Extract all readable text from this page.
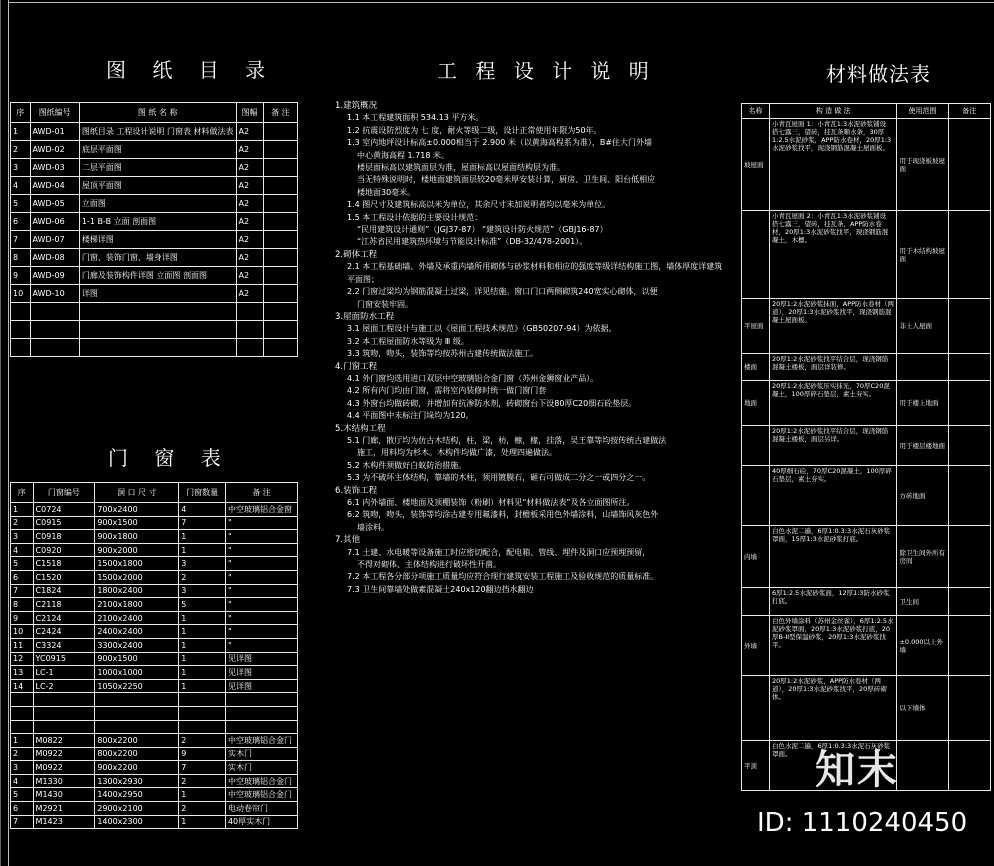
图 纸 目 录	工 程 设 计 说 明	材料做法表
门 窗 表
序	图纸编号	图 纸 名 称	图幅	备 注
1	AWD-01	图纸目录 工程设计说明 门窗表 材料做法表	A2	
2	AWD-02	底层平面图	A2	
3	AWD-03	二层平面图	A2	
4	AWD-04	屋顶平面图	A2	
5	AWD-05	立面图	A2	
6	AWD-06	1-1 B-B 立面 剖面图	A2	
7	AWD-07	楼梯详图	A2	
8	AWD-08	门窗、装饰门窗、墙身详图	A2	
9	AWD-09	门廊及装饰构件详图 立面图 剖面图	A2	
10	AWD-10	详图	A2	

序	门窗编号	洞 口 尺 寸	门窗数量	备 注
1	C0724	700x2400	4	中空玻璃铝合金窗
2	C0915	900x1500	7	"
3	C0918	900x1800	1	"
4	C0920	900x2000	1	"
5	C1518	1500x1800	3	"
6	C1520	1500x2000	2	"
7	C1824	1800x2400	3	"
8	C2118	2100x1800	5	"
9	C2124	2100x2400	1	"
10	C2424	2400x2400	1	"
11	C3324	3300x2400	1	"
12	YC0915	900x1500	1	见详图
13	LC-1	1000x1000	1	见详图
14	LC-2	1050x2250	1	见详图

1	M0822	800x2200	2	中空玻璃铝合金门
2	M0922	800x2200	9	实木门
3	M0922	900x2200	7	实木门
4	M1330	1300x2930	2	中空玻璃铝合金门
5	M1430	1400x2950	1	中空玻璃铝合金门
6	M2921	2900x2100	2	电动卷帘门
7	M1423	1400x2300	1	40厚实木门
1.建筑概况
1.1 本工程建筑面积 534.13 平方米。
1.2 抗震设防烈度为 七 度，耐火等级二级，设计正常使用年限为50年。
1.3 室内地坪设计标高±0.000相当于 2.900 米（以黄海高程系为准），B#住大门外墙
中心黄海高程 1.718 米。
楼层面标高以建筑面层为准，屋面标高以屋面结构层为准。
当无特殊说明时，楼地面建筑面层较20毫米厚安装计算，厨房、卫生间、阳台低相应
楼地面30毫米。
1.4 图尺寸及建筑标高以米为单位，其余尺寸未加说明者均以毫米为单位。
1.5 本工程设计依据的主要设计规范：
“民用建筑设计通则”（JGJ37-87） “建筑设计防火规范”（GBJ16-87）
“江苏省民用建筑热环境与节能设计标准”（DB-32/478-2001）。
2.砌体工程
2.1 本工程基础墙、外墙及承重内墙所用砌体与砂浆材料和相应的强度等级详结构施工图，墙体厚度详建筑平面图；
2.2 门窗过梁均为钢筋混凝土过梁，详见结施。窗口门口两侧砌筑240宽实心砌体，以便
门窗安装牢固。
3.屋面防水工程
3.1 屋面工程设计与施工以《屋面工程技术规范》（GB50207-94）为依据。
3.2 本工程屋面防水等级为 Ⅲ 级。
3.3 筑吻，吻头，装饰等均按苏州古建传统做法施工。
4.门窗工程
4.1 外门窗均选用进口双层中空玻璃铝合金门窗（苏州金狮窗业产品）。
4.2 所有内门均由门窗，需将室内装修时统一做门窗门套
4.3 外窗台均做砖砌，并增加有抗渗防水剂，砖砌窗台下设80厚C20细石砼垫层。
4.4 平面图中未标注门垛均为120。
5.木结构工程
5.1 门廊，散厅均为仿古木结构，柱，梁，枋，檩，椽，挂落，吴王靠等均按传统古建做法
施工，用料均为杉木。木构件均做广漆，处理四遍做法。
5.2 木构件须做好白蚁防治措施。
5.3 为不破坏主体结构，靠墙的木柱，须用镀膜石，砸石可做成二分之一或四分之一。
6.装饰工程
6.1 内外墙面、楼地面及顶棚装饰（粉刷）材料见“材料做法表”及各立面图所注。
6.2 筑吻，吻头，装饰等均涂古建专用氟漆料，封檐板采用色外墙涂料，山墙饰风灰色外
墙涂料。
7.其他
7.1 土建、水电暖等设备施工时应密切配合，配电箱、管线、埋件及洞口应预埋预留，
不得对砌体、主体结构进行破坏性开凿。
7.2 本工程各分部分项施工质量均应符合现行建筑安装工程施工及验收规范的质量标准。
7.3 卫生间靠墙处做素混凝土240x120翻边挡水翻边
名称	构 造 做 法	使用范围	备注
坡屋面	小青瓦屋面 1：小青瓦1:3水泥砂浆铺设 搭七露三，望砖，挂瓦条顺水条，30厚1:2.5水泥砂浆，APP防水卷材，20厚1:3水泥砂浆找平，现浇钢筋混凝土屋面板。	用于现浇板坡屋面	
	小青瓦屋面 2：小青瓦1:3水泥砂浆铺设 搭七露三，望砖，挂瓦条，APP防水卷材，20厚1:3水泥砂浆找平，现浇钢筋混凝土，木檩。	用于木结构坡屋面	
平屋面	20厚1:2水泥砂浆抹面，APP防水卷材（两道），20厚1:3水泥砂浆找平，现浇钢筋混凝土屋面板。	非上人屋面	
楼面	20厚1:2水泥砂浆找平结合层，现浇钢筋混凝土楼板，面层详装修。		
地面	20厚1:2水泥砂浆压实抹光，70厚C20混凝土，100厚碎石垫层，素土夯实。	用于楼上地面	
	20厚1:2水泥砂浆找平结合层，现浇钢筋混凝土楼板，面层另详。	用于楼层楼地面	
	40厚细石砼，70厚C20混凝土，100厚碎石垫层，素土夯实。	方砖地面	
内墙	白色水泥二遍，6厚1:0.3:3水泥石灰砂浆罩面，15厚1:3水泥砂浆打底。	除卫生间外所有房间	
	6厚1:2.5水泥砂浆面，12厚1:3防水砂浆打底。	卫生间	
外墙	白色外墙涂料（苏州金丝雀），6厚1:2.5水泥砂浆罩面，20厚1:3水泥砂浆打底，20厚B-II型保温砂浆，20厚1:3水泥砂浆找平。	±0.000以上外墙	
	20厚1:2水泥砂浆，APP防水卷材（两道），20厚1:3水泥砂浆找平，20厚砖砌体。	以下墙体	
平顶	白色水泥二遍，6厚1:0.3:3水泥石灰砂浆罩面。		知末
ID: 1110240450
